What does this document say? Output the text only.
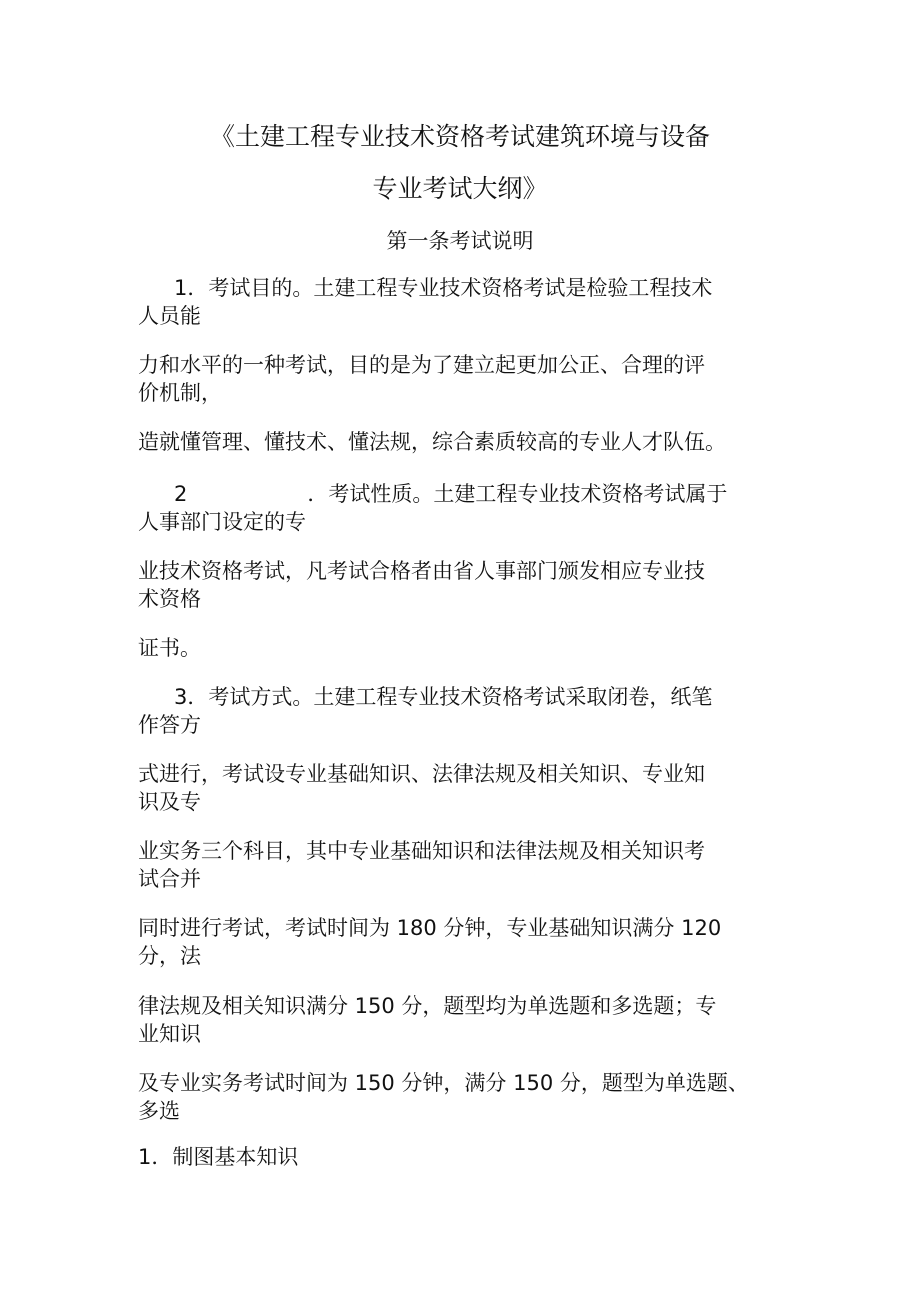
《土建工程专业技术资格考试建筑环境与设备
专业考试大纲》
第一条考试说明
1．考试目的。土建工程专业技术资格考试是检验工程技术
人员能
力和水平的一种考试，目的是为了建立起更加公正、合理的评
价机制，
造就懂管理、懂技术、懂法规，综合素质较高的专业人才队伍。
2	．考试性质。土建工程专业技术资格考试属于
人事部门设定的专
业技术资格考试，凡考试合格者由省人事部门颁发相应专业技
术资格
证书。
3．考试方式。土建工程专业技术资格考试采取闭卷，纸笔
作答方
式进行，考试设专业基础知识、法律法规及相关知识、专业知
识及专
业实务三个科目，其中专业基础知识和法律法规及相关知识考
试合并
同时进行考试，考试时间为 180 分钟，专业基础知识满分 120
分，法
律法规及相关知识满分 150 分，题型均为单选题和多选题；专
业知识
及专业实务考试时间为 150 分钟，满分 150 分，题型为单选题、
多选
1．制图基本知识
